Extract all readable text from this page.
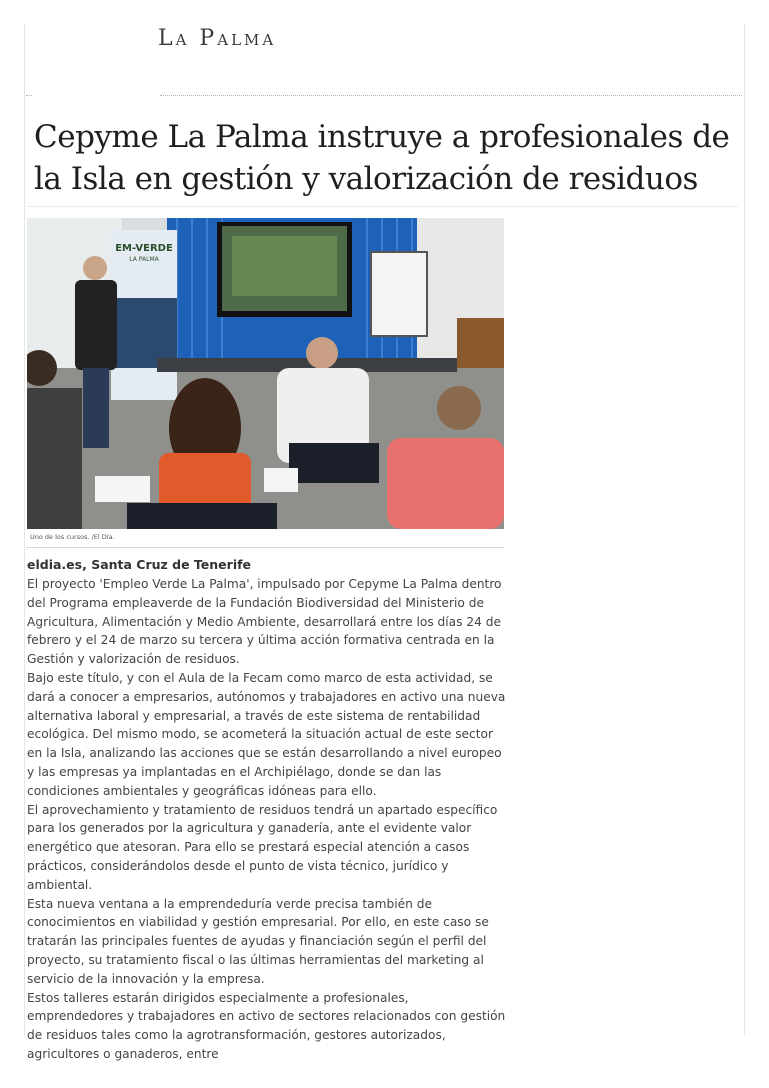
La Palma
Cepyme La Palma instruye a profesionales de la Isla en gestión y valorización de residuos
EM-VERDE
LA PALMA
Uno de los cursos. /El Día.
eldia.es, Santa Cruz de Tenerife

El proyecto 'Empleo Verde La Palma', impulsado por Cepyme La Palma dentro del Programa empleaverde de la Fundación Biodiversidad del Ministerio de Agricultura, Alimentación y Medio Ambiente, desarrollará entre los días 24 de febrero y el 24 de marzo su tercera y última acción formativa centrada en la Gestión y valorización de residuos.

Bajo este título, y con el Aula de la Fecam como marco de esta actividad, se dará a conocer a empresarios, autónomos y trabajadores en activo una nueva alternativa laboral y empresarial, a través de este sistema de rentabilidad ecológica. Del mismo modo, se acometerá la situación actual de este sector en la Isla, analizando las acciones que se están desarrollando a nivel europeo y las empresas ya implantadas en el Archipiélago, donde se dan las condiciones ambientales y geográficas idóneas para ello.

El aprovechamiento y tratamiento de residuos tendrá un apartado específico para los generados por la agricultura y ganadería, ante el evidente valor energético que atesoran. Para ello se prestará especial atención a casos prácticos, considerándolos desde el punto de vista técnico, jurídico y ambiental.

Esta nueva ventana a la emprendeduría verde precisa también de conocimientos en viabilidad y gestión empresarial. Por ello, en este caso se tratarán las principales fuentes de ayudas y financiación según el perfil del proyecto, su tratamiento fiscal o las últimas herramientas del marketing al servicio de la innovación y la empresa.

Estos talleres estarán dirigidos especialmente a profesionales, emprendedores y trabajadores en activo de sectores relacionados con gestión de residuos tales como la agrotransformación, gestores autorizados, agricultores o ganaderos, entre
